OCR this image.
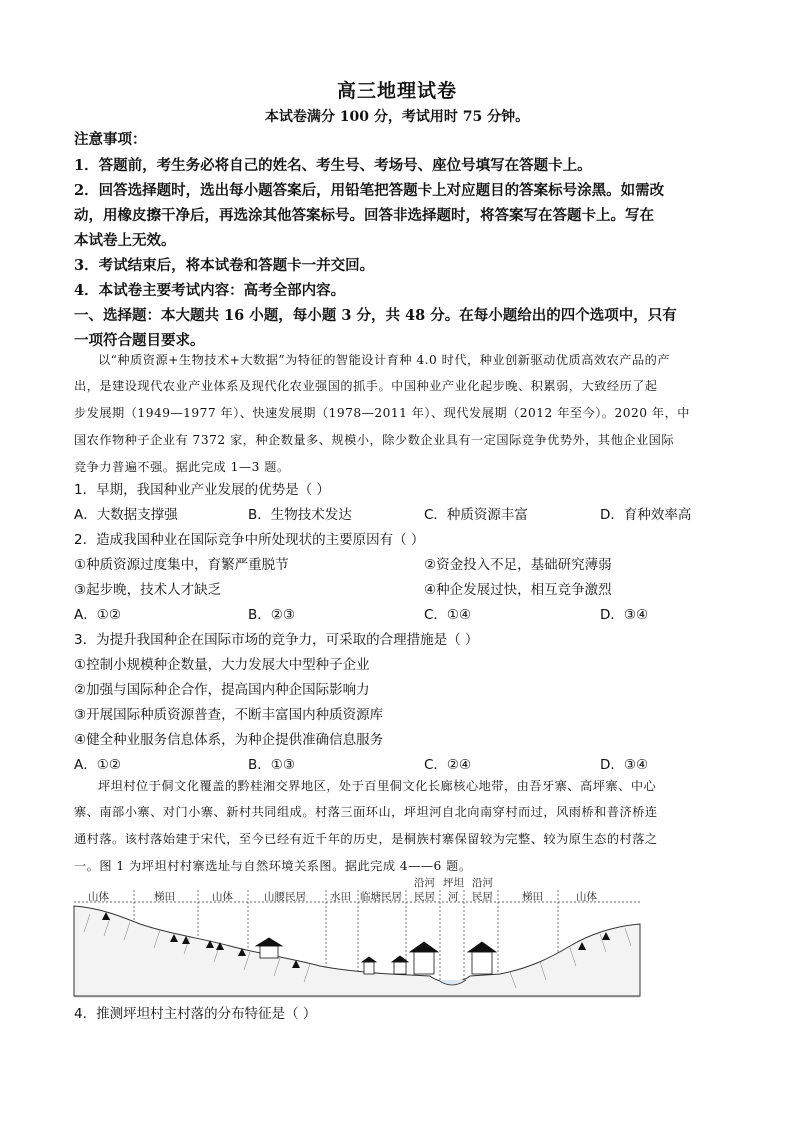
高三地理试卷
本试卷满分 100 分，考试用时 75 分钟。
注意事项：
1．答题前，考生务必将自己的姓名、考生号、考场号、座位号填写在答题卡上。
2．回答选择题时，选出每小题答案后，用铅笔把答题卡上对应题目的答案标号涂黑。如需改
动，用橡皮擦干净后，再选涂其他答案标号。回答非选择题时，将答案写在答题卡上。写在
本试卷上无效。
3．考试结束后，将本试卷和答题卡一并交回。
4．本试卷主要考试内容：高考全部内容。
一、选择题：本大题共 16 小题，每小题 3 分，共 48 分。在每小题给出的四个选项中，只有
一项符合题目要求。
以“种质资源+生物技术+大数据”为特征的智能设计育种 4.0 时代，种业创新驱动优质高效农产品的产
出，是建设现代农业产业体系及现代化农业强国的抓手。中国种业产业化起步晚、积累弱，大致经历了起
步发展期（1949—1977 年）、快速发展期（1978—2011 年）、现代发展期（2012 年至今）。2020 年，中
国农作物种子企业有 7372 家，种企数量多、规模小，除少数企业具有一定国际竞争优势外，其他企业国际
竞争力普遍不强。据此完成 1—3 题。
1．早期，我国种业产业发展的优势是（ ）
A．大数据支撑强	B．生物技术发达	C．种质资源丰富	D．育种效率高
2．造成我国种业在国际竞争中所处现状的主要原因有（ ）
①种质资源过度集中，育繁严重脱节	②资金投入不足，基础研究薄弱
③起步晚，技术人才缺乏	④种企发展过快，相互竞争激烈
A．①②	B．②③	C．①④	D．③④
3．为提升我国种企在国际市场的竞争力，可采取的合理措施是（ ）
①控制小规模种企数量，大力发展大中型种子企业
②加强与国际种企合作，提高国内种企国际影响力
③开展国际种质资源普查，不断丰富国内种质资源库
④健全种业服务信息体系，为种企提供准确信息服务
A．①②	B．①③	C．②④	D．③④
坪坦村位于侗文化覆盖的黔桂湘交界地区，处于百里侗文化长廊核心地带，由吾牙寨、高坪寨、中心
寨、南部小寨、对门小寨、新村共同组成。村落三面环山，坪坦河自北向南穿村而过，风雨桥和普济桥连
通村落。该村落始建于宋代，至今已经有近千年的历史，是桐族村寨保留较为完整、较为原生态的村落之
一。图 1 为坪坦村村寨选址与自然环境关系图。据此完成 4——6 题。
山体	梯田	山体	山腰民居 水田 临塘民居
沿河
民居
坪坦
河
沿河
民居	梯田	山体
4．推测坪坦村主村落的分布特征是（ ）
